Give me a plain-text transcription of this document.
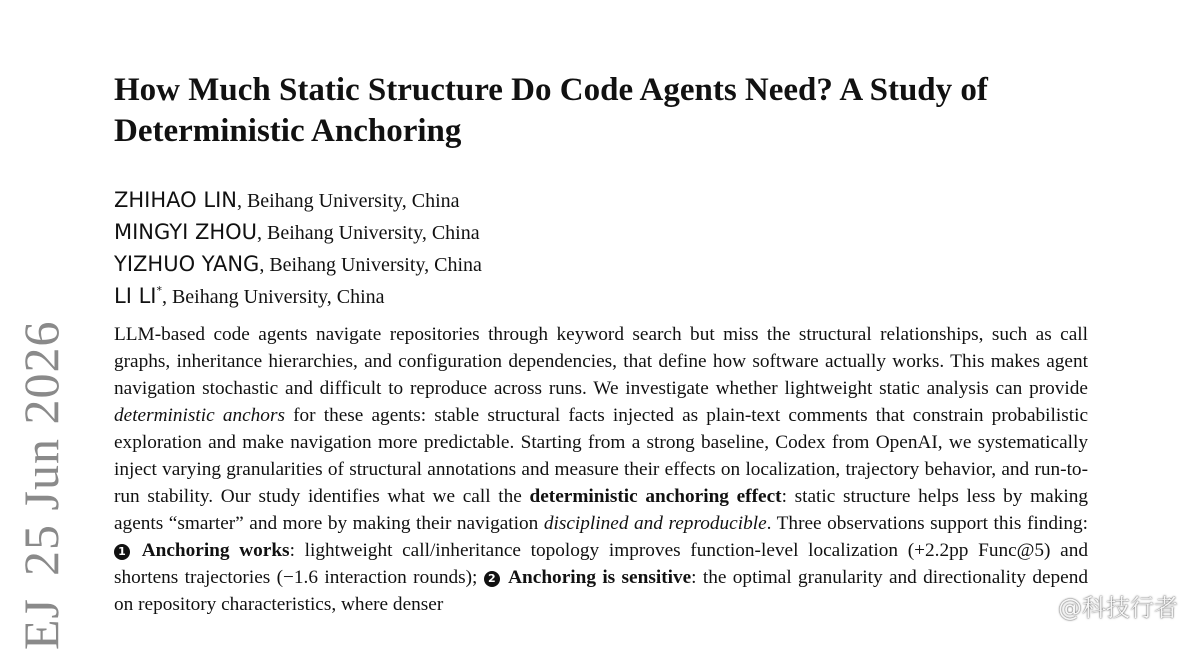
EJ25 Jun 2026
How Much Static Structure Do Code Agents Need? A Study of Deterministic Anchoring
ZHIHAO LIN, Beihang University, China
MINGYI ZHOU, Beihang University, China
YIZHUO YANG, Beihang University, China
LI LI*, Beihang University, China

LLM-based code agents navigate repositories through keyword search but miss the structural relationships, such as call graphs, inheritance hierarchies, and configuration dependencies, that define how software actually works. This makes agent navigation stochastic and difficult to reproduce across runs. We investigate whether lightweight static analysis can provide deterministic anchors for these agents: stable structural facts injected as plain-text comments that constrain probabilistic exploration and make navigation more predictable. Starting from a strong baseline, Codex from OpenAI, we systematically inject varying granularities of structural annotations and measure their effects on localization, trajectory behavior, and run-to-run stability. Our study identifies what we call the deterministic anchoring effect: static structure helps less by making agents “smarter” and more by making their navigation disciplined and reproducible. Three observations support this finding: 1 Anchoring works: lightweight call/inheritance topology improves function-level localization (+2.2pp Func@5) and shortens trajectories (−1.6 interaction rounds); 2 Anchoring is sensitive: the optimal granularity and directionality depend on repository characteristics, where denser	@科技行者
